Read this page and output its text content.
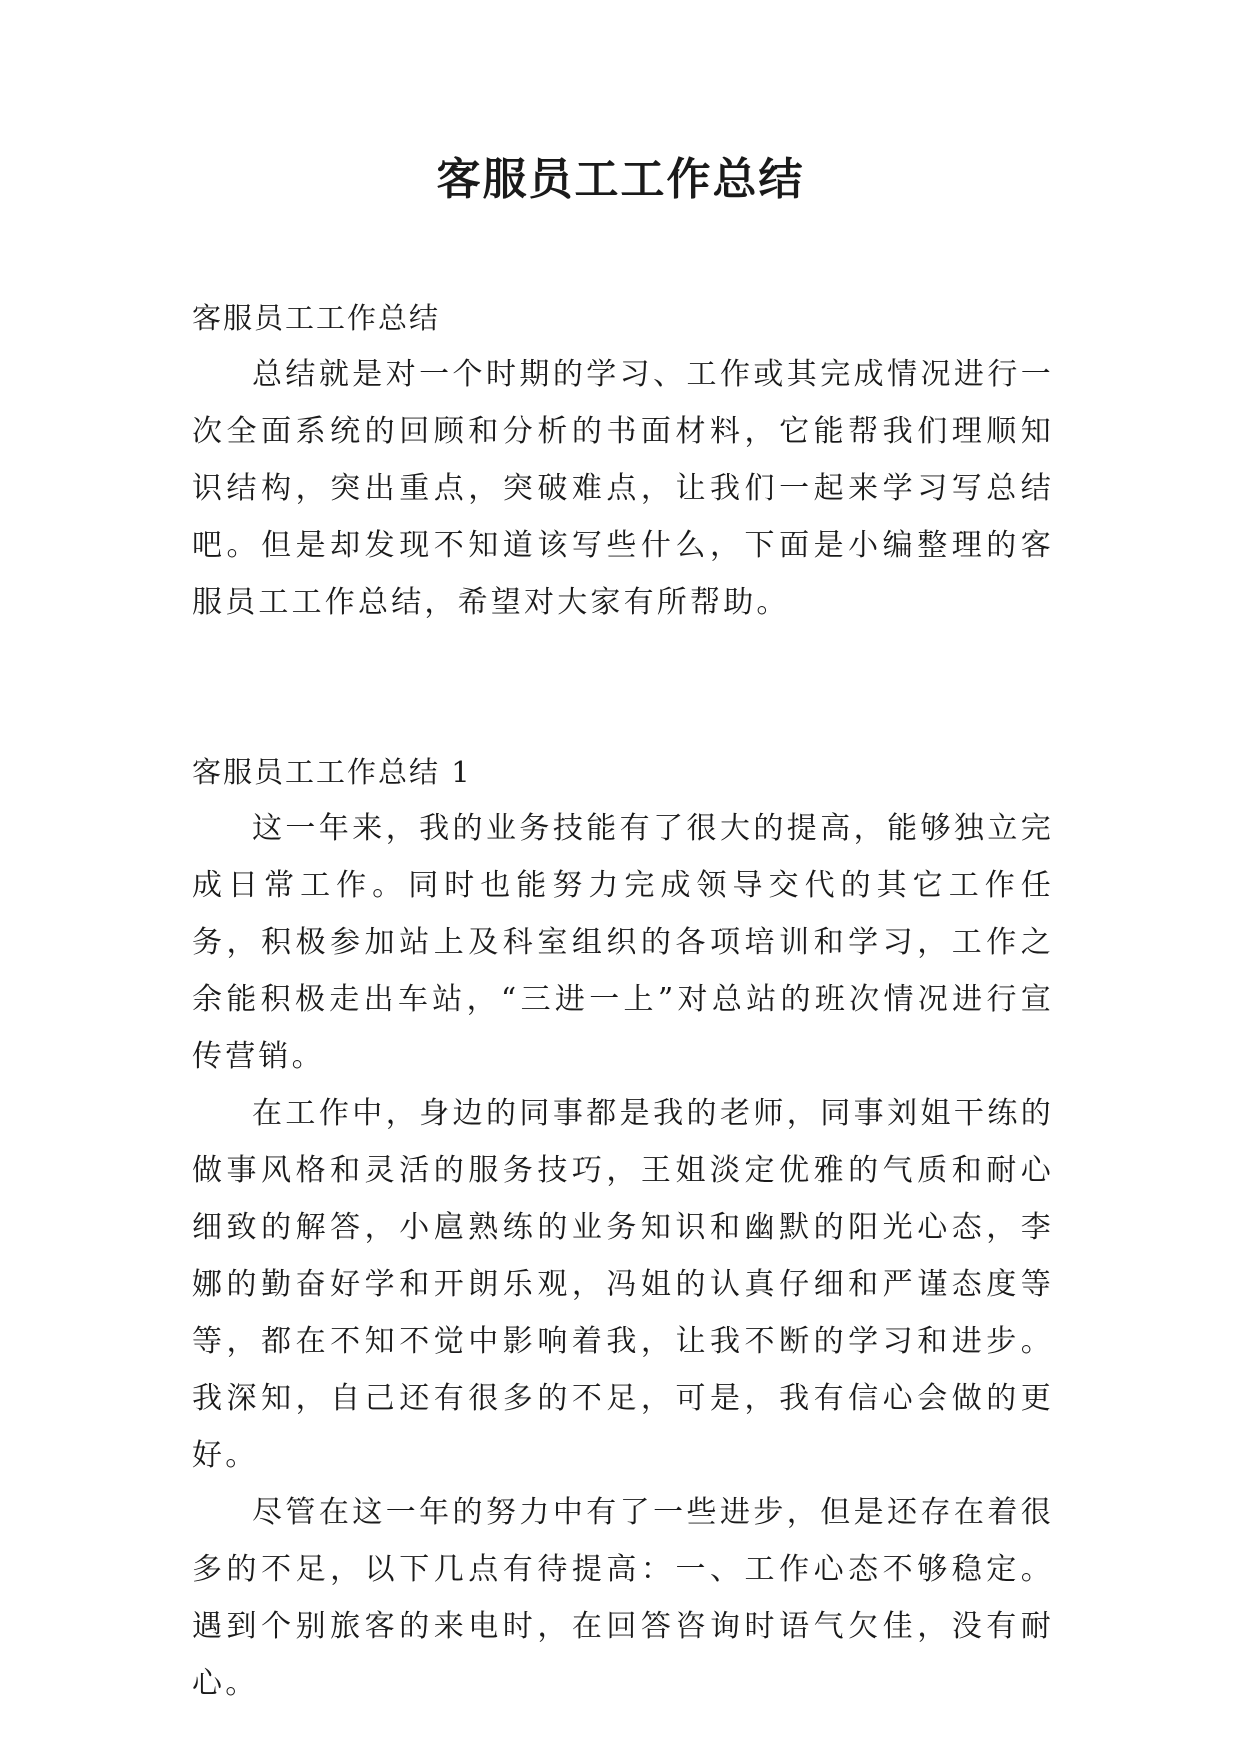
客服员工工作总结

客服员工工作总结

总结就是对一个时期的学习、工作或其完成情况进行一次全面系统的回顾和分析的书面材料，它能帮我们理顺知识结构，突出重点，突破难点，让我们一起来学习写总结吧。但是却发现不知道该写些什么，下面是小编整理的客服员工工作总结，希望对大家有所帮助。

客服员工工作总结 1

这一年来，我的业务技能有了很大的提高，能够独立完成日常工作。同时也能努力完成领导交代的其它工作任务，积极参加站上及科室组织的各项培训和学习，工作之余能积极走出车站，“三进一上”对总站的班次情况进行宣传营销。

在工作中，身边的同事都是我的老师，同事刘姐干练的做事风格和灵活的服务技巧，王姐淡定优雅的气质和耐心细致的解答，小扈熟练的业务知识和幽默的阳光心态，李娜的勤奋好学和开朗乐观，冯姐的认真仔细和严谨态度等等，都在不知不觉中影响着我，让我不断的学习和进步。我深知，自己还有很多的不足，可是，我有信心会做的更好。

尽管在这一年的努力中有了一些进步，但是还存在着很多的不足，以下几点有待提高：一、工作心态不够稳定。遇到个别旅客的来电时，在回答咨询时语气欠佳，没有耐心。
